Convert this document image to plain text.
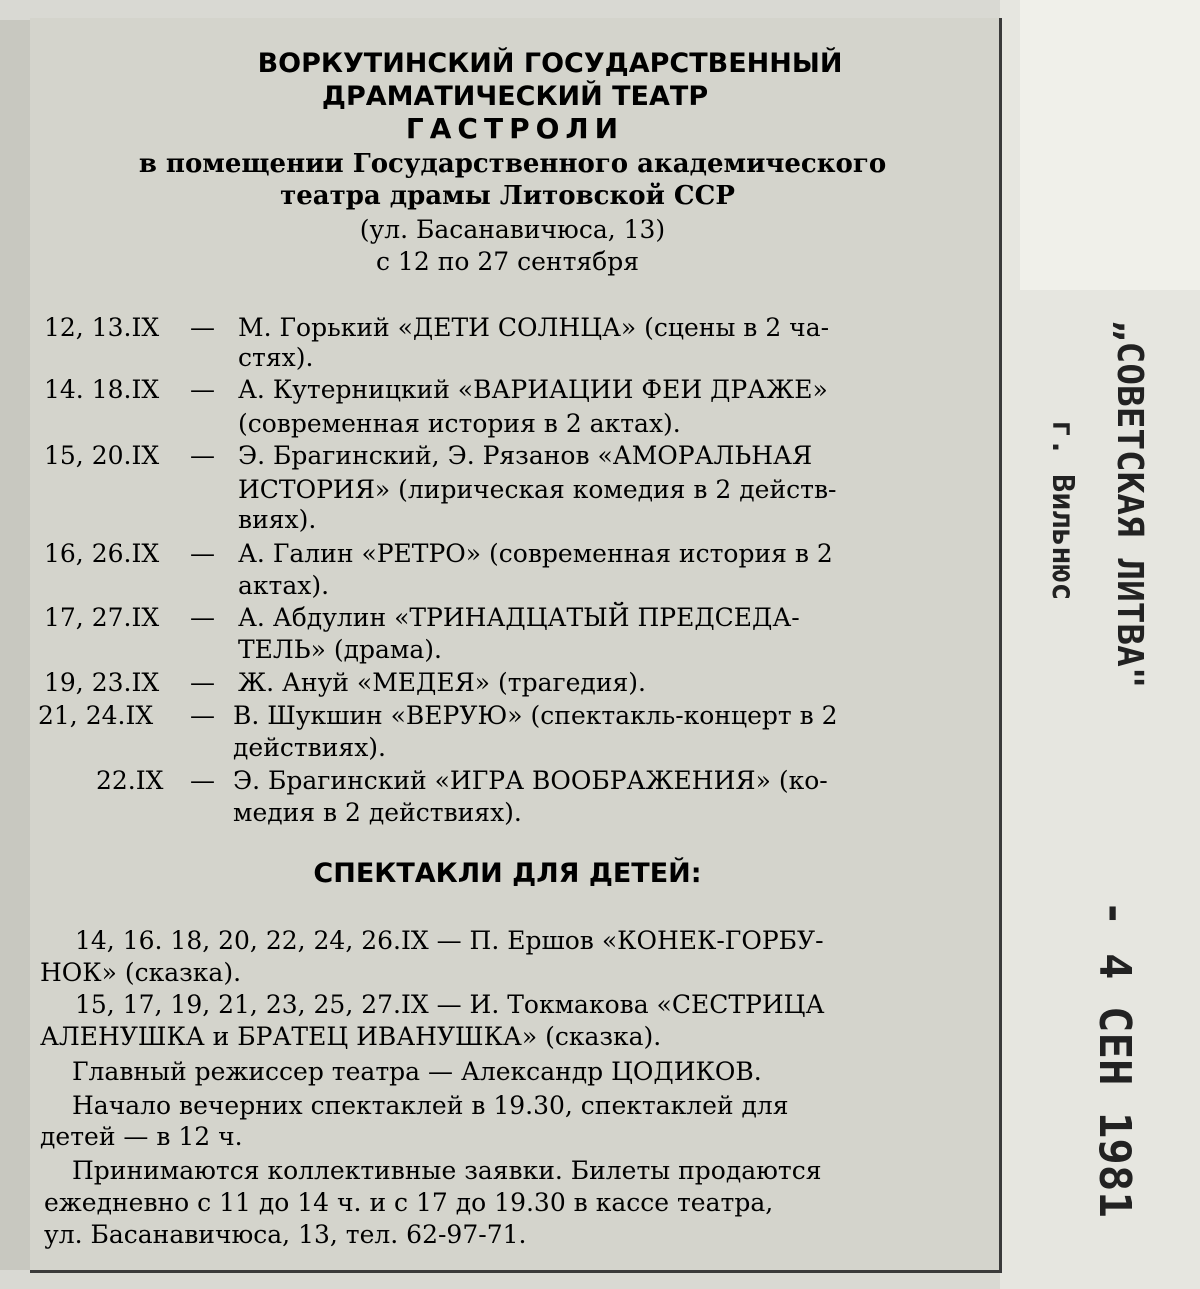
ВОРКУТИНСКИЙ ГОСУДАРСТВЕННЫЙ
ДРАМАТИЧЕСКИЙ ТЕАТР
ГАСТРОЛИ
в помещении Государственного академического
театра драмы Литовской ССР
(ул. Басанавичюса, 13)
с 12 по 27 сентября
12, 13.IX — М. Горький «ДЕТИ СОЛНЦА» (сцены в 2 ча-
стях).
14. 18.IX — А. Кутерницкий «ВАРИАЦИИ ФЕИ ДРАЖЕ»
(современная история в 2 актах).
15, 20.IX — Э. Брагинский, Э. Рязанов «АМОРАЛЬНАЯ
ИСТОРИЯ» (лирическая комедия в 2 действ-
виях).
16, 26.IX — А. Галин «РЕТРО» (современная история в 2
актах).
17, 27.IX — А. Абдулин «ТРИНАДЦАТЫЙ ПРЕДСЕДА-
ТЕЛЬ» (драма).
19, 23.IX — Ж. Ануй «МЕДЕЯ» (трагедия).
21, 24.IX — В. Шукшин «ВЕРУЮ» (спектакль-концерт в 2
действиях).
22.IX — Э. Брагинский «ИГРА ВООБРАЖЕНИЯ» (ко-
медия в 2 действиях).
СПЕКТАКЛИ ДЛЯ ДЕТЕЙ:
14, 16. 18, 20, 22, 24, 26.IX — П. Ершов «КОНЕК-ГОРБУ-
НОК» (сказка).
15, 17, 19, 21, 23, 25, 27.IX — И. Токмакова «СЕСТРИЦА
АЛЕНУШКА и БРАТЕЦ ИВАНУШКА» (сказка).
Главный режиссер театра — Александр ЦОДИКОВ.
Начало вечерних спектаклей в 19.30, спектаклей для
детей — в 12 ч.
Принимаются коллективные заявки. Билеты продаются
ежедневно с 11 до 14 ч. и с 17 до 19.30 в кассе театра,
ул. Басанавичюса, 13, тел. 62-97-71.
„СОВЕТСКАЯ ЛИТВА"
г. Вильнюс
- 4 СЕН 1981
